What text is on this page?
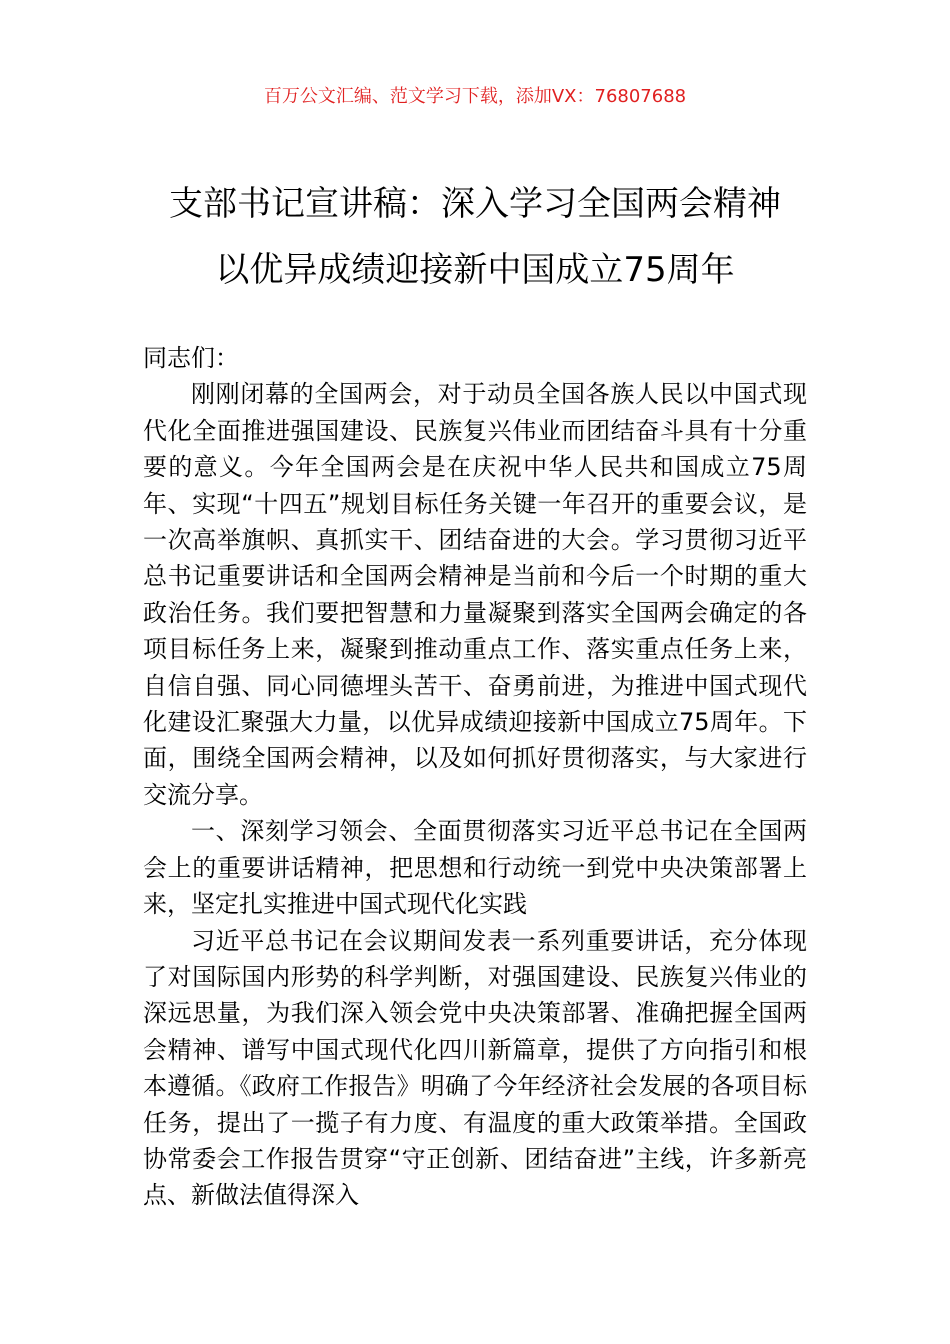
百万公文汇编、范文学习下载，添加VX：76807688
支部书记宣讲稿：深入学习全国两会精神
以优异成绩迎接新中国成立75周年

同志们：

刚刚闭幕的全国两会，对于动员全国各族人民以中国式现代化全面推进强国建设、民族复兴伟业而团结奋斗具有十分重要的意义。今年全国两会是在庆祝中华人民共和国成立75周年、实现“十四五”规划目标任务关键一年召开的重要会议，是一次高举旗帜、真抓实干、团结奋进的大会。学习贯彻习近平总书记重要讲话和全国两会精神是当前和今后一个时期的重大政治任务。我们要把智慧和力量凝聚到落实全国两会确定的各项目标任务上来，凝聚到推动重点工作、落实重点任务上来，自信自强、同心同德埋头苦干、奋勇前进，为推进中国式现代化建设汇聚强大力量，以优异成绩迎接新中国成立75周年。下面，围绕全国两会精神，以及如何抓好贯彻落实，与大家进行交流分享。

一、深刻学习领会、全面贯彻落实习近平总书记在全国两会上的重要讲话精神，把思想和行动统一到党中央决策部署上来，坚定扎实推进中国式现代化实践

习近平总书记在会议期间发表一系列重要讲话，充分体现了对国际国内形势的科学判断，对强国建设、民族复兴伟业的深远思量，为我们深入领会党中央决策部署、准确把握全国两会精神、谱写中国式现代化四川新篇章，提供了方向指引和根本遵循。《政府工作报告》明确了今年经济社会发展的各项目标任务，提出了一揽子有力度、有温度的重大政策举措。全国政协常委会工作报告贯穿“守正创新、团结奋进”主线，许多新亮点、新做法值得深入
